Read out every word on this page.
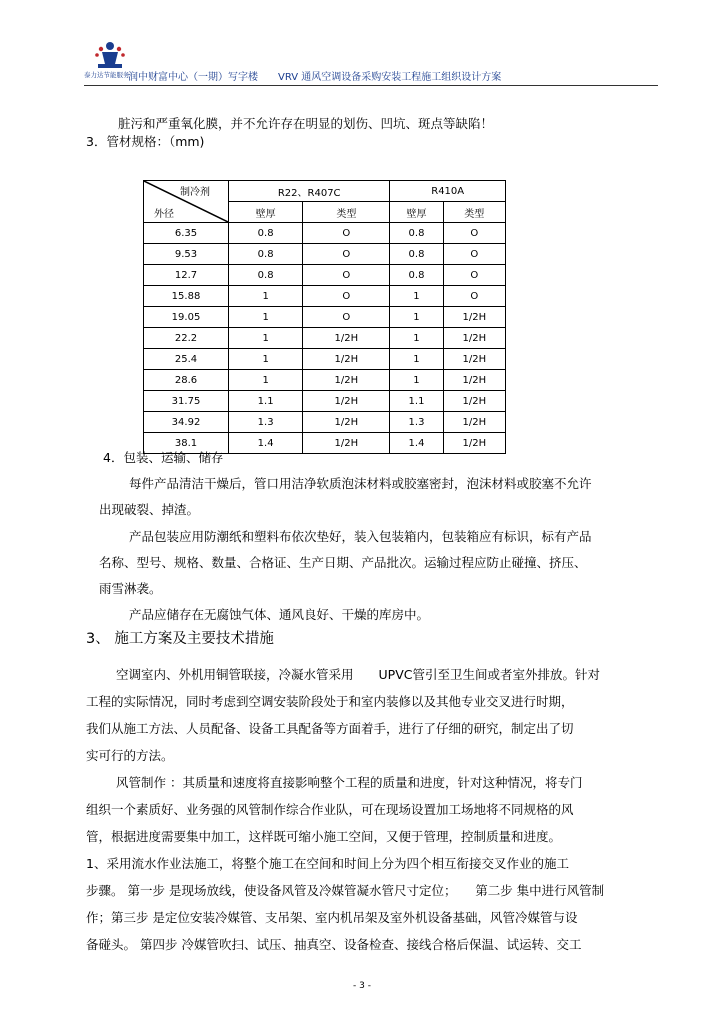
泰力达节能服务
润中财富中心（一期）写字楼　　VRV 通风空调设备采购安装工程施工组织设计方案
脏污和严重氧化膜，并不允许存在明显的划伤、凹坑、斑点等缺陷！
3．管材规格：（mm)
制冷剂
外径	R22、R407C		R410A	
	壁厚	类型	壁厚	类型
6.35	0.8	O	0.8	O
9.53	0.8	O	0.8	O
12.7	0.8	O	0.8	O
15.88	1	O	1	O
19.05	1	O	1	1/2H
22.2	1	1/2H	1	1/2H
25.4	1	1/2H	1	1/2H
28.6	1	1/2H	1	1/2H
31.75	1.1	1/2H	1.1	1/2H
34.92	1.3	1/2H	1.3	1/2H
38.1	1.4	1/2H	1.4	1/2H
4．包装、运输、储存
每件产品清洁干燥后，管口用洁净软质泡沫材料或胶塞密封，泡沫材料或胶塞不允许
出现破裂、掉渣。
产品包装应用防潮纸和塑料布依次垫好，装入包装箱内，包装箱应有标识，标有产品
名称、型号、规格、数量、合格证、生产日期、产品批次。运输过程应防止碰撞、挤压、
雨雪淋袭。
产品应储存在无腐蚀气体、通风良好、干燥的库房中。
3、 施工方案及主要技术措施
空调室内、外机用铜管联接，冷凝水管采用　　UPVC管引至卫生间或者室外排放。针对
工程的实际情况，同时考虑到空调安装阶段处于和室内装修以及其他专业交叉进行时期，
我们从施工方法、人员配备、设备工具配备等方面着手，进行了仔细的研究，制定出了切
实可行的方法。
风管制作 ：其质量和速度将直接影响整个工程的质量和进度，针对这种情况，将专门
组织一个素质好、业务强的风管制作综合作业队，可在现场设置加工场地将不同规格的风
管，根据进度需要集中加工，这样既可缩小施工空间，又便于管理，控制质量和进度。
1、采用流水作业法施工，将整个施工在空间和时间上分为四个相互衔接交叉作业的施工
步骤。 第一步 是现场放线，使设备风管及冷媒管凝水管尺寸定位；　　第二步 集中进行风管制
作；第三步 是定位安装冷媒管、支吊架、室内机吊架及室外机设备基础，风管冷媒管与设
备碰头。 第四步 冷媒管吹扫、试压、抽真空、设备检查、接线合格后保温、试运转、交工
- 3 -
